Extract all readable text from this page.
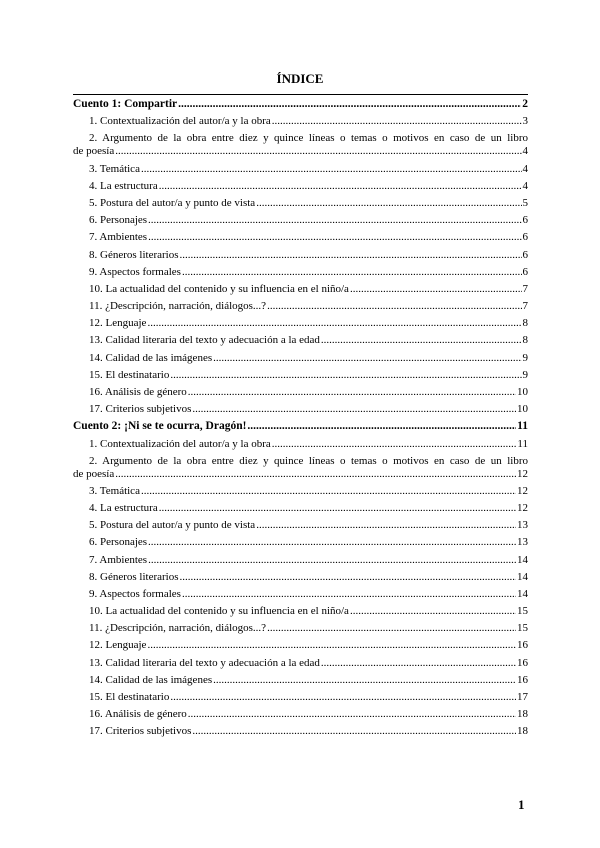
ÍNDICE
Cuento 1: Compartir .....	2
1. Contextualización del autor/a y la obra .....	3
2. Argumento de la obra entre diez y quince líneas o temas o motivos en caso de un libro
de poesía .....	4
3. Temática .....	4
4. La estructura .....	4
5. Postura del autor/a y punto de vista .....	5
6. Personajes .....	6
7. Ambientes .....	6
8. Géneros literarios .....	6
9. Aspectos formales .....	6
10. La actualidad del contenido y su influencia en el niño/a .....	7
11. ¿Descripción, narración, diálogos...? .....	7
12. Lenguaje .....	8
13. Calidad literaria del texto y adecuación a la edad .....	8
14. Calidad de las imágenes .....	9
15. El destinatario .....	9
16. Análisis de género .....	10
17. Criterios subjetivos .....	10
Cuento 2: ¡Ni se te ocurra, Dragón! .....	11
1. Contextualización del autor/a y la obra .....	11
2. Argumento de la obra entre diez y quince líneas o temas o motivos en caso de un libro
de poesía .....	12
3. Temática .....	12
4. La estructura .....	12
5. Postura del autor/a y punto de vista .....	13
6. Personajes .....	13
7. Ambientes .....	14
8. Géneros literarios .....	14
9. Aspectos formales .....	14
10. La actualidad del contenido y su influencia en el niño/a .....	15
11. ¿Descripción, narración, diálogos...? .....	15
12. Lenguaje .....	16
13. Calidad literaria del texto y adecuación a la edad .....	16
14. Calidad de las imágenes .....	16
15. El destinatario .....	17
16. Análisis de género .....	18
17. Criterios subjetivos .....	18
1
